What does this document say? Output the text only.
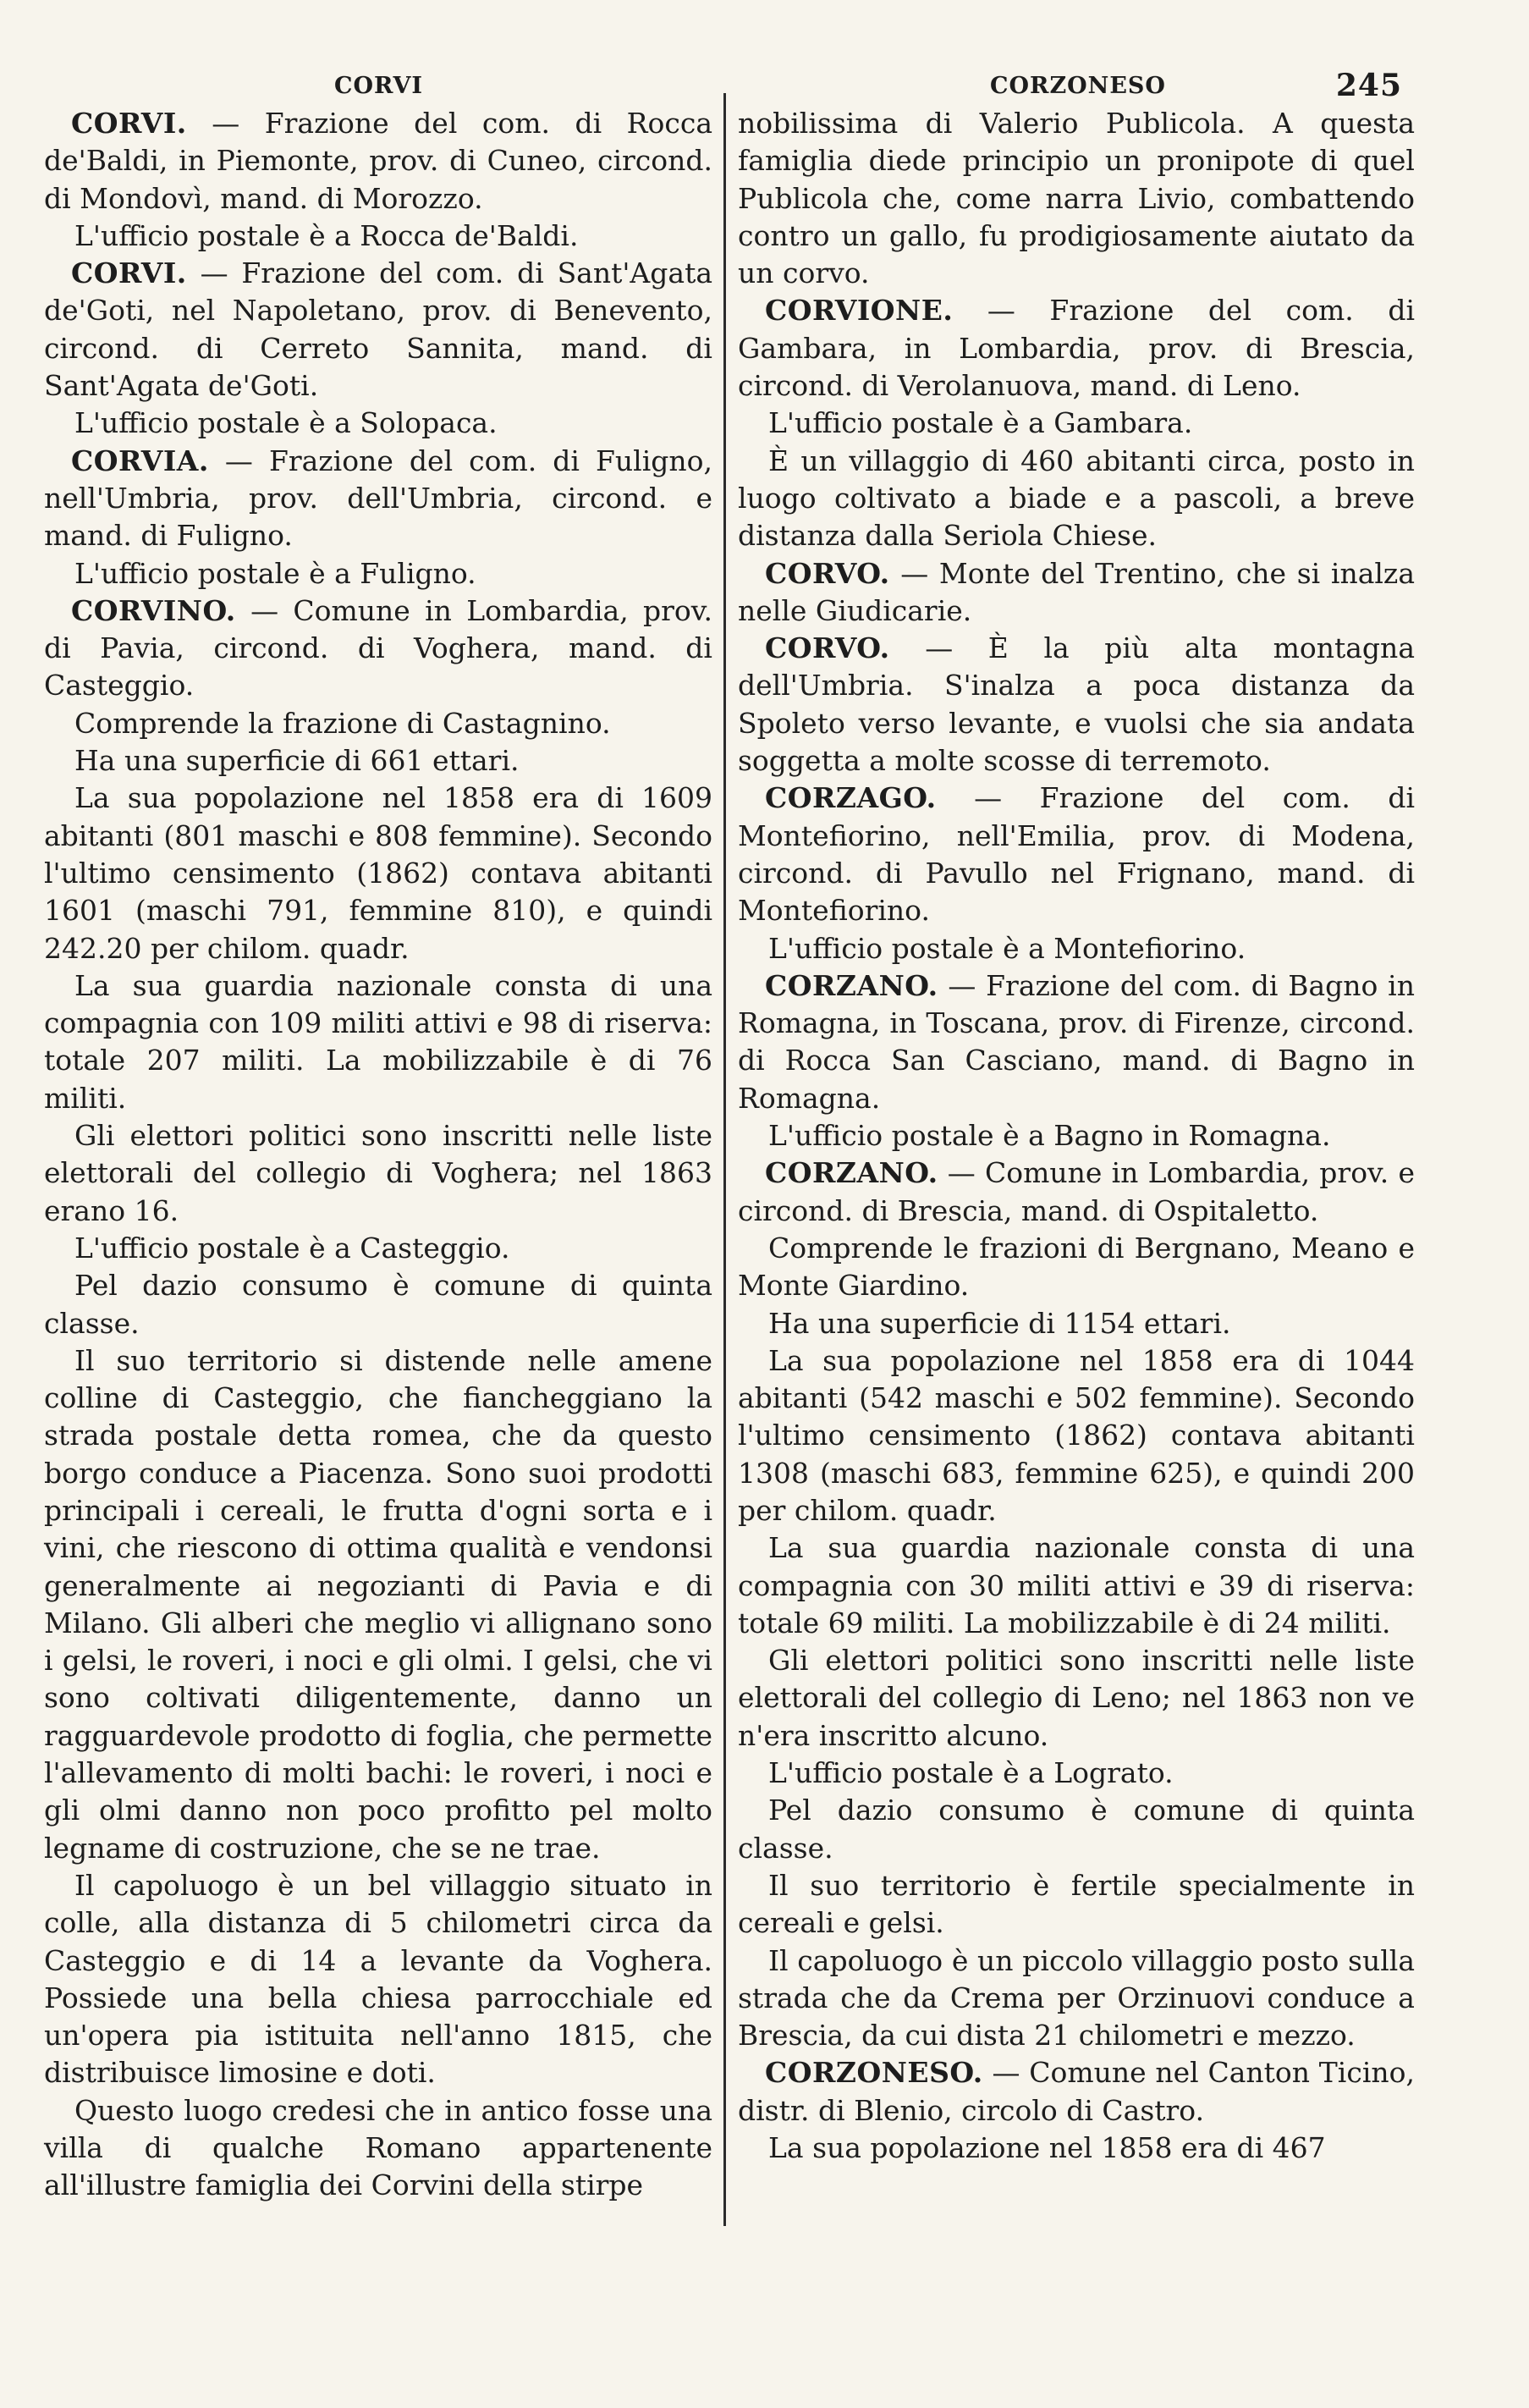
CORVI	CORZONESO	245

CORVI. — Frazione del com. di Rocca de'Baldi, in Piemonte, prov. di Cuneo, circond. di Mondovì, mand. di Morozzo.

L'ufficio postale è a Rocca de'Baldi.

CORVI. — Frazione del com. di Sant'Agata de'Goti, nel Napoletano, prov. di Benevento, circond. di Cerreto Sannita, mand. di Sant'Agata de'Goti.

L'ufficio postale è a Solopaca.

CORVIA. — Frazione del com. di Fuligno, nell'Umbria, prov. dell'Umbria, circond. e mand. di Fuligno.

L'ufficio postale è a Fuligno.

CORVINO. — Comune in Lombardia, prov. di Pavia, circond. di Voghera, mand. di Casteggio.

Comprende la frazione di Castagnino.

Ha una superficie di 661 ettari.

La sua popolazione nel 1858 era di 1609 abitanti (801 maschi e 808 femmine). Secondo l'ultimo censimento (1862) contava abitanti 1601 (maschi 791, femmine 810), e quindi 242.20 per chilom. quadr.

La sua guardia nazionale consta di una compagnia con 109 militi attivi e 98 di riserva: totale 207 militi. La mobilizzabile è di 76 militi.

Gli elettori politici sono inscritti nelle liste elettorali del collegio di Voghera; nel 1863 erano 16.

L'ufficio postale è a Casteggio.

Pel dazio consumo è comune di quinta classe.

Il suo territorio si distende nelle amene colline di Casteggio, che fiancheggiano la strada postale detta romea, che da questo borgo conduce a Piacenza. Sono suoi prodotti principali i cereali, le frutta d'ogni sorta e i vini, che riescono di ottima qualità e vendonsi generalmente ai negozianti di Pavia e di Milano. Gli alberi che meglio vi allignano sono i gelsi, le roveri, i noci e gli olmi. I gelsi, che vi sono coltivati diligentemente, danno un ragguardevole prodotto di foglia, che permette l'allevamento di molti bachi: le roveri, i noci e gli olmi danno non poco profitto pel molto legname di costruzione, che se ne trae.

Il capoluogo è un bel villaggio situato in colle, alla distanza di 5 chilometri circa da Casteggio e di 14 a levante da Voghera. Possiede una bella chiesa parrocchiale ed un'opera pia istituita nell'anno 1815, che distribuisce limosine e doti.

Questo luogo credesi che in antico fosse una villa di qualche Romano appartenente all'illustre famiglia dei Corvini della stirpe

nobilissima di Valerio Publicola. A questa famiglia diede principio un pronipote di quel Publicola che, come narra Livio, combattendo contro un gallo, fu prodigiosamente aiutato da un corvo.

CORVIONE. — Frazione del com. di Gambara, in Lombardia, prov. di Brescia, circond. di Verolanuova, mand. di Leno.

L'ufficio postale è a Gambara.

È un villaggio di 460 abitanti circa, posto in luogo coltivato a biade e a pascoli, a breve distanza dalla Seriola Chiese.

CORVO. — Monte del Trentino, che si inalza nelle Giudicarie.

CORVO. — È la più alta montagna dell'Umbria. S'inalza a poca distanza da Spoleto verso levante, e vuolsi che sia andata soggetta a molte scosse di terremoto.

CORZAGO. — Frazione del com. di Montefiorino, nell'Emilia, prov. di Modena, circond. di Pavullo nel Frignano, mand. di Montefiorino.

L'ufficio postale è a Montefiorino.

CORZANO. — Frazione del com. di Bagno in Romagna, in Toscana, prov. di Firenze, circond. di Rocca San Casciano, mand. di Bagno in Romagna.

L'ufficio postale è a Bagno in Romagna.

CORZANO. — Comune in Lombardia, prov. e circond. di Brescia, mand. di Ospitaletto.

Comprende le frazioni di Bergnano, Meano e Monte Giardino.

Ha una superficie di 1154 ettari.

La sua popolazione nel 1858 era di 1044 abitanti (542 maschi e 502 femmine). Secondo l'ultimo censimento (1862) contava abitanti 1308 (maschi 683, femmine 625), e quindi 200 per chilom. quadr.

La sua guardia nazionale consta di una compagnia con 30 militi attivi e 39 di riserva: totale 69 militi. La mobilizzabile è di 24 militi.

Gli elettori politici sono inscritti nelle liste elettorali del collegio di Leno; nel 1863 non ve n'era inscritto alcuno.

L'ufficio postale è a Lograto.

Pel dazio consumo è comune di quinta classe.

Il suo territorio è fertile specialmente in cereali e gelsi.

Il capoluogo è un piccolo villaggio posto sulla strada che da Crema per Orzinuovi conduce a Brescia, da cui dista 21 chilometri e mezzo.

CORZONESO. — Comune nel Canton Ticino, distr. di Blenio, circolo di Castro.

La sua popolazione nel 1858 era di 467
